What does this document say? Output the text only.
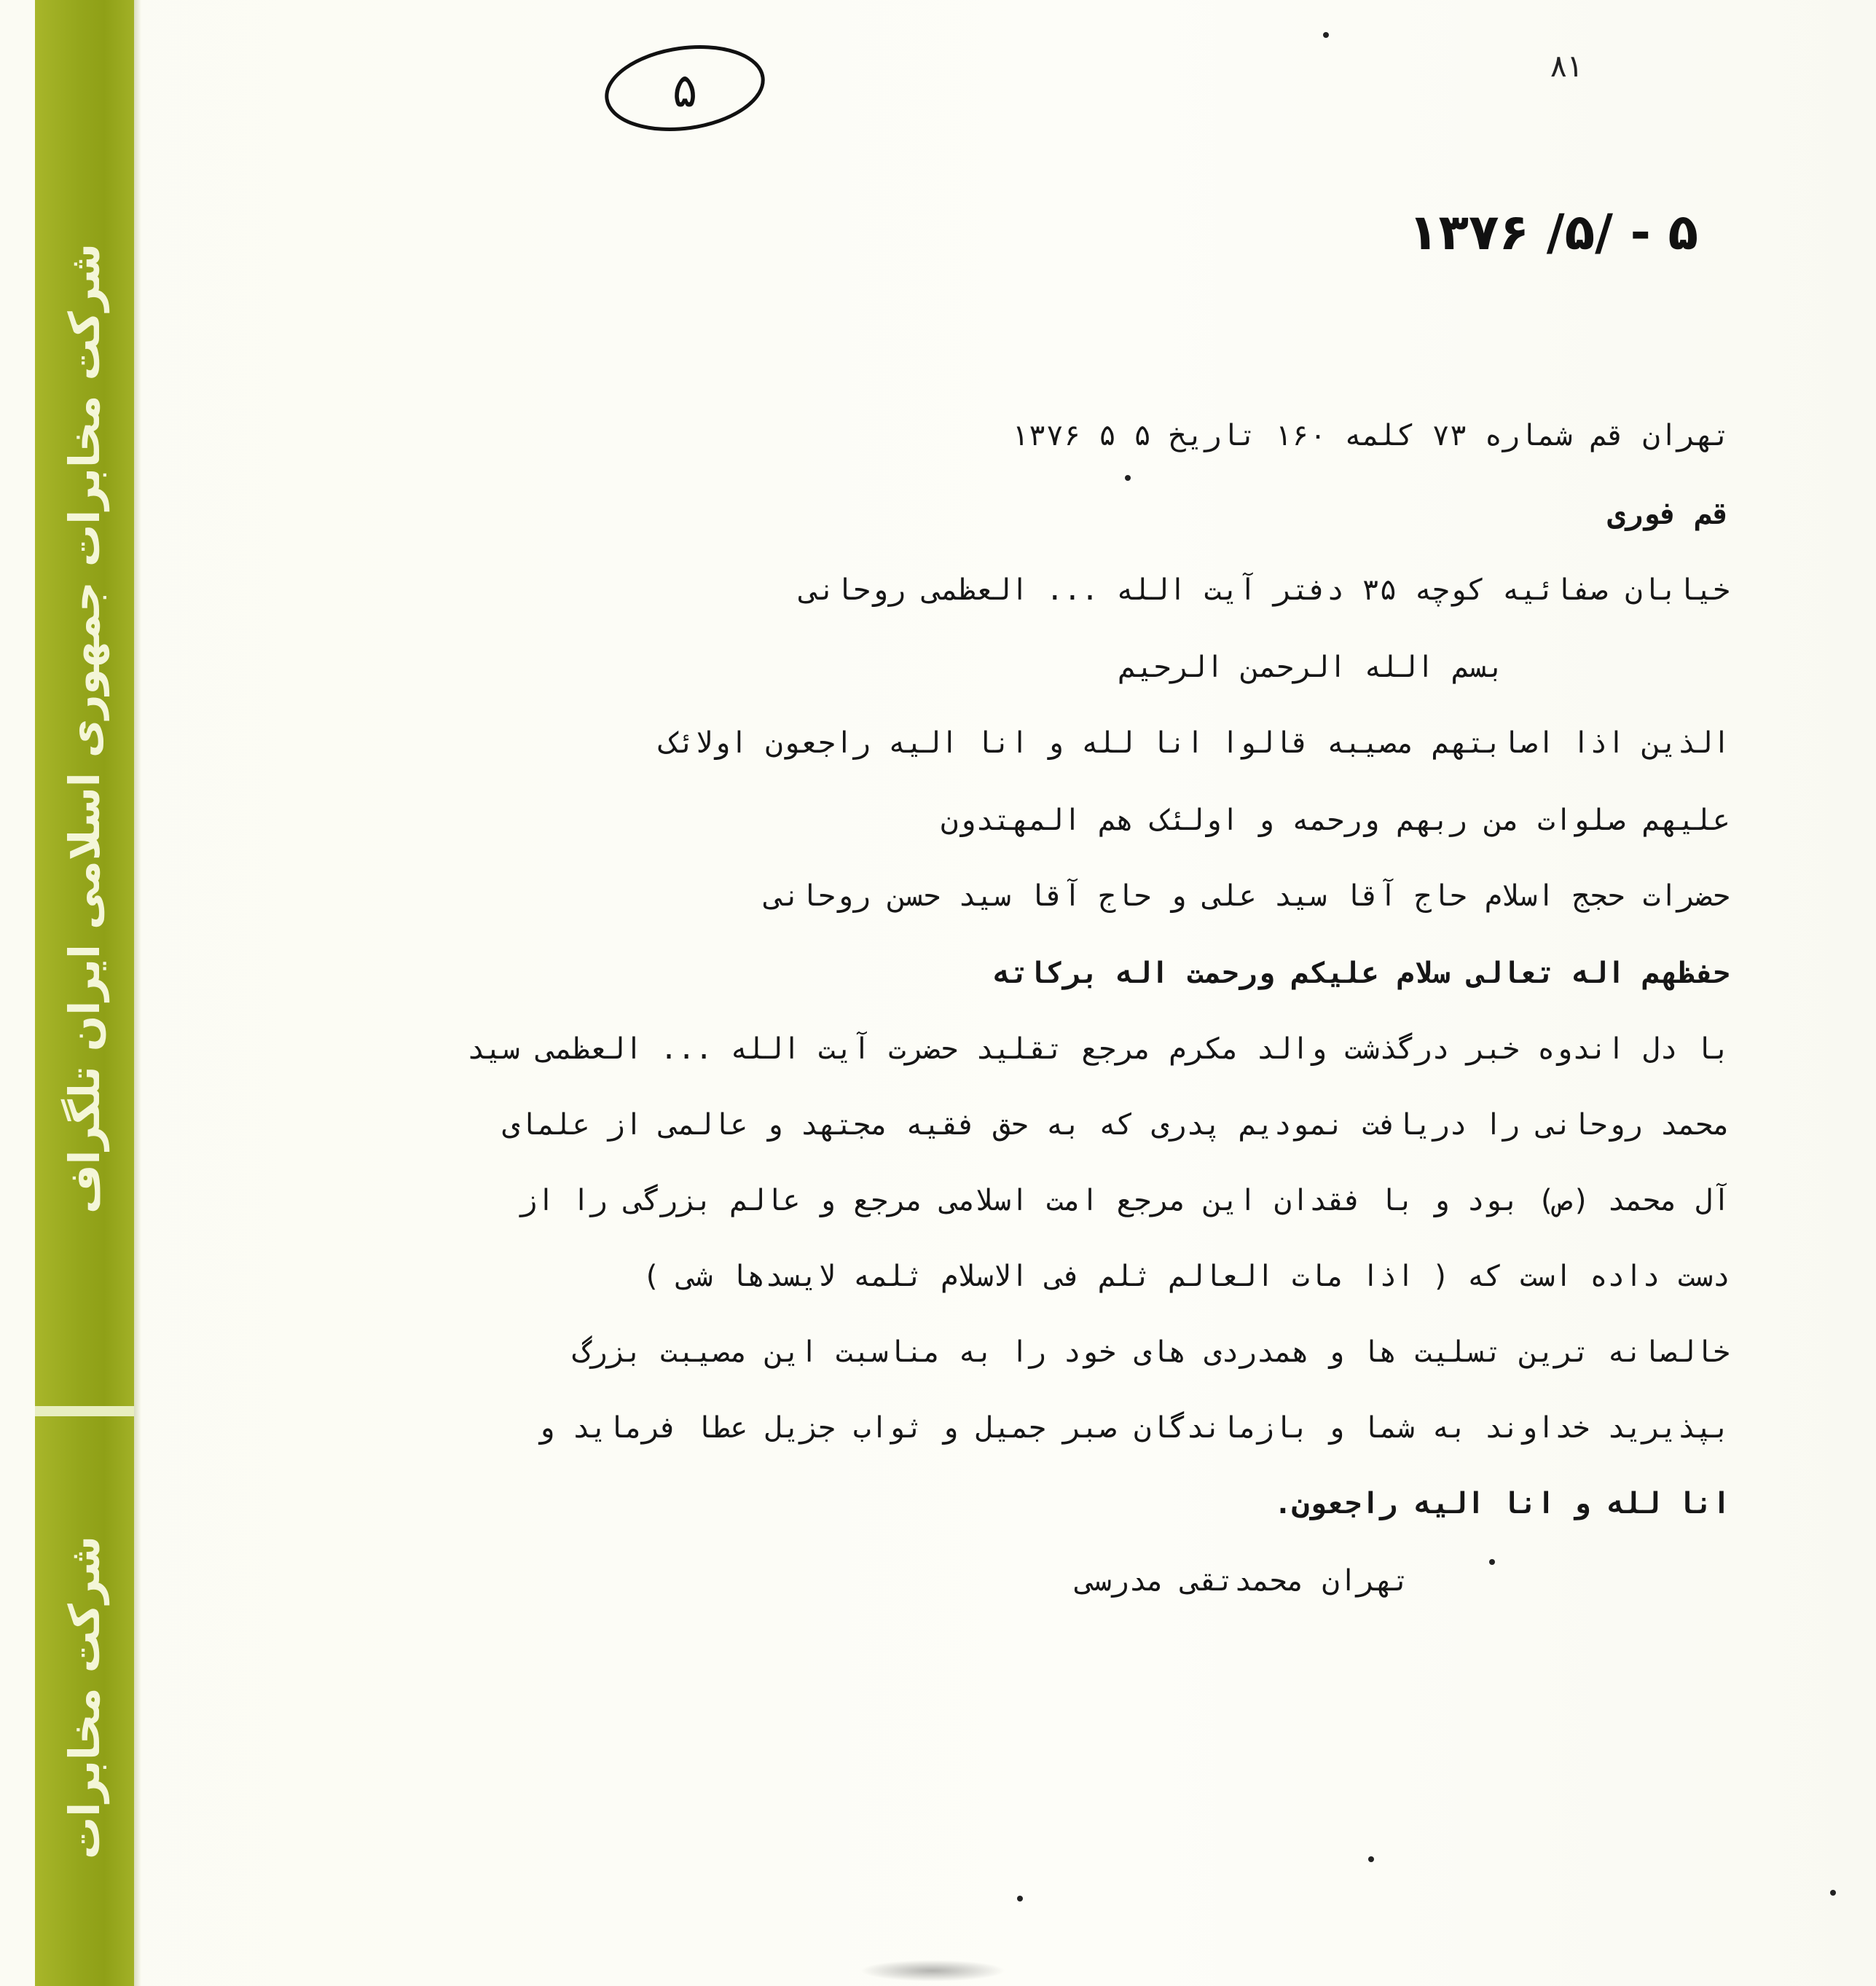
شرکت مخابرات جمهوری اسلامی ایران تلگراف
شرکت مخابرات
۵	۸۱
۱۳۷۶ /۵/ - ۵
تهران قم شماره ۷۳ کلمه ۱۶۰ تاریخ ۵ ۵ ۱۳۷۶
قم فوری
خیابان صفائیه کوچه ۳۵ دفتر آیت الله ... العظمی روحانی
بسم الله الرحمن الرحیم
الذین اذا اصابتهم مصیبه قالوا انا لله و انا الیه راجعون اولائک
علیهم صلوات من ربهم ورحمه و اولئک هم المهتدون
حضرات حجج اسلام حاج آقا سید علی و حاج آقا سید حسن روحانی
حفظهم اله تعالی سلام علیکم ورحمت اله برکاته
با دل اندوه خبر درگذشت والد مکرم مرجع تقلید حضرت آیت الله ... العظمی سید
محمد روحانی را دریافت نمودیم پدری که به حق فقیه مجتهد و عالمی از علمای
آل محمد (ص) بود و با فقدان این مرجع امت اسلامی مرجع و عالم بزرگی را از
دست داده است که ( اذا مات العالم ثلم فی الاسلام ثلمه لایسدها شی )
خالصانه ترین تسلیت ها و همدردی های خود را به مناسبت این مصیبت بزرگ
بپذیرید خداوند به شما و بازماندگان صبر جمیل و ثواب جزیل عطا فرماید و
انا لله و انا الیه راجعون.
تهران محمدتقی مدرسی
